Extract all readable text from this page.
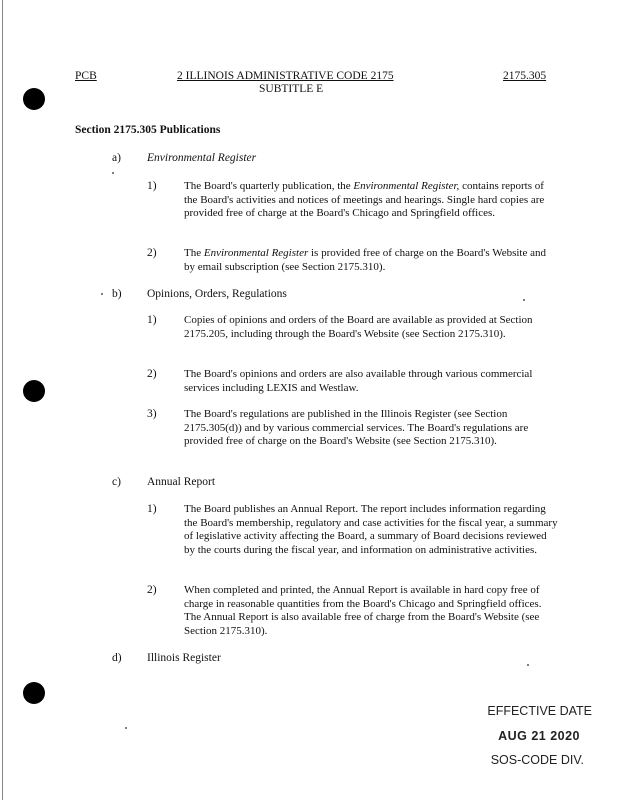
PCB	2 ILLINOIS ADMINISTRATIVE CODE 2175	2175.305
SUBTITLE E
Section 2175.305 Publications
a) Environmental Register
1) The Board's quarterly publication, the Environmental Register, contains reports of the Board's activities and notices of meetings and hearings. Single hard copies are provided free of charge at the Board's Chicago and Springfield offices.
2) The Environmental Register is provided free of charge on the Board's Website and by email subscription (see Section 2175.310).
b) Opinions, Orders, Regulations
1) Copies of opinions and orders of the Board are available as provided at Section 2175.205, including through the Board's Website (see Section 2175.310).
2) The Board's opinions and orders are also available through various commercial services including LEXIS and Westlaw.
3) The Board's regulations are published in the Illinois Register (see Section 2175.305(d)) and by various commercial services. The Board's regulations are provided free of charge on the Board's Website (see Section 2175.310).
c) Annual Report
1) The Board publishes an Annual Report. The report includes information regarding the Board's membership, regulatory and case activities for the fiscal year, a summary of legislative activity affecting the Board, a summary of Board decisions reviewed by the courts during the fiscal year, and information on administrative activities.
2) When completed and printed, the Annual Report is available in hard copy free of charge in reasonable quantities from the Board's Chicago and Springfield offices. The Annual Report is also available free of charge from the Board's Website (see Section 2175.310).
d) Illinois Register
EFFECTIVE DATE
AUG 21 2020
SOS-CODE DIV.
